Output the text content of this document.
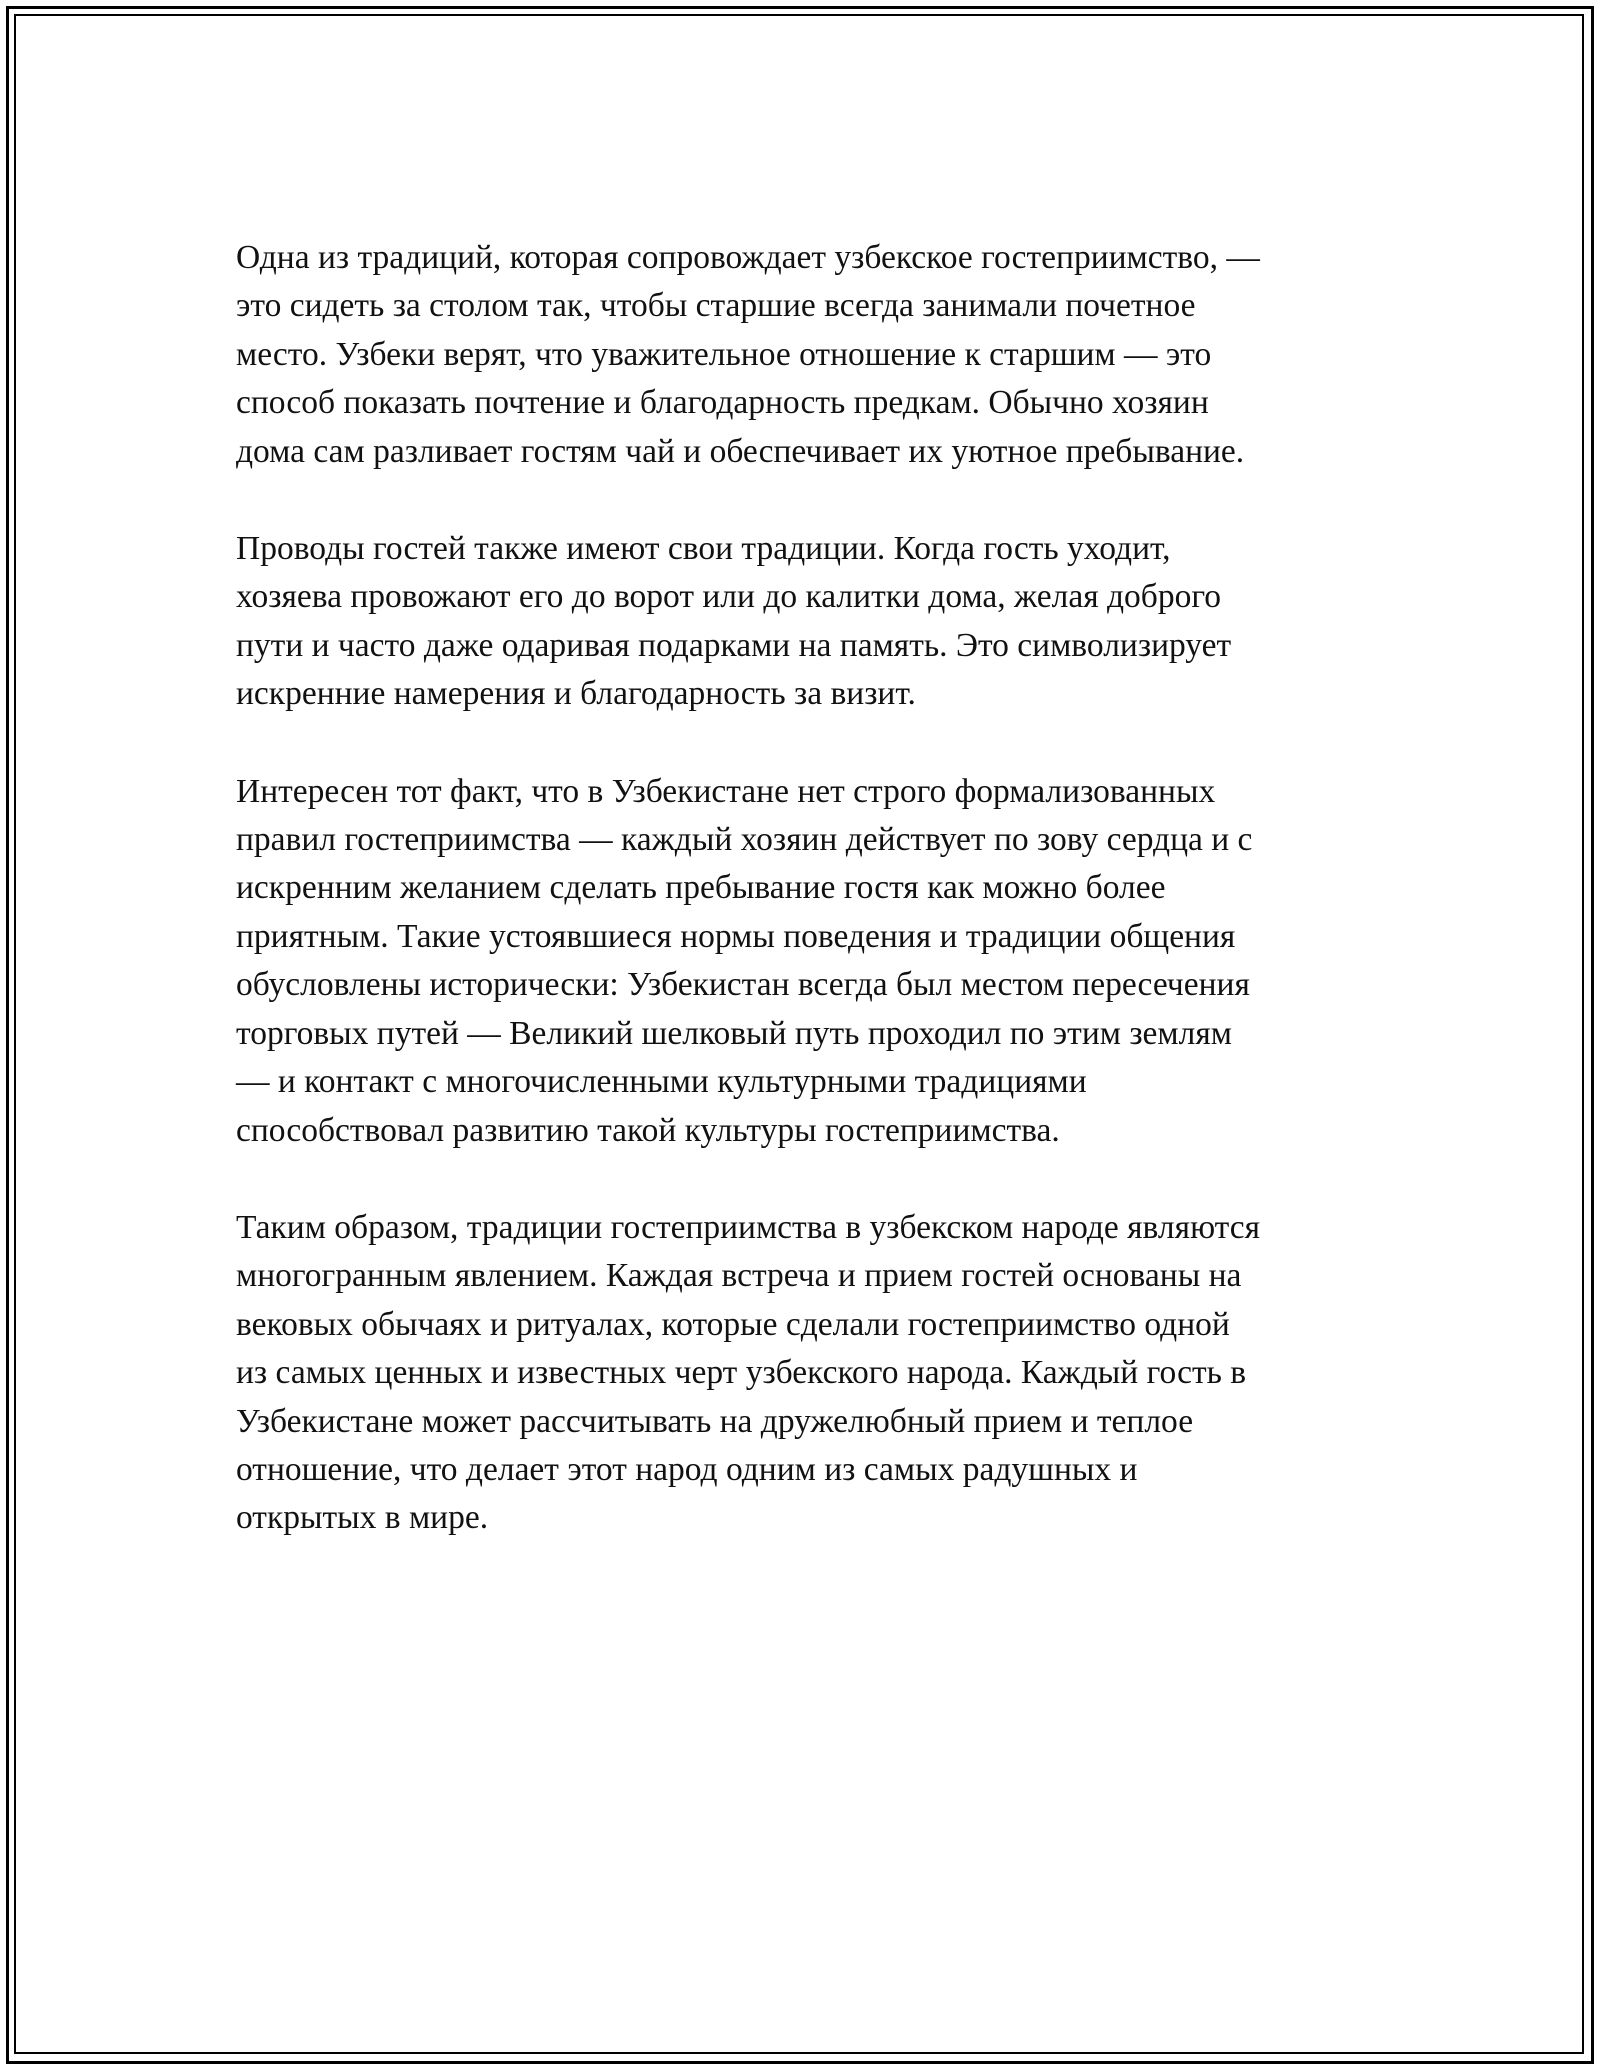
Одна из традиций, которая сопровождает узбекское гостеприимство, —
это сидеть за столом так, чтобы старшие всегда занимали почетное
место. Узбеки верят, что уважительное отношение к старшим — это
способ показать почтение и благодарность предкам. Обычно хозяин
дома сам разливает гостям чай и обеспечивает их уютное пребывание.

Проводы гостей также имеют свои традиции. Когда гость уходит,
хозяева провожают его до ворот или до калитки дома, желая доброго
пути и часто даже одаривая подарками на память. Это символизирует
искренние намерения и благодарность за визит.

Интересен тот факт, что в Узбекистане нет строго формализованных
правил гостеприимства — каждый хозяин действует по зову сердца и с
искренним желанием сделать пребывание гостя как можно более
приятным. Такие устоявшиеся нормы поведения и традиции общения
обусловлены исторически: Узбекистан всегда был местом пересечения
торговых путей — Великий шелковый путь проходил по этим землям
— и контакт с многочисленными культурными традициями
способствовал развитию такой культуры гостеприимства.

Таким образом, традиции гостеприимства в узбекском народе являются
многогранным явлением. Каждая встреча и прием гостей основаны на
вековых обычаях и ритуалах, которые сделали гостеприимство одной
из самых ценных и известных черт узбекского народа. Каждый гость в
Узбекистане может рассчитывать на дружелюбный прием и теплое
отношение, что делает этот народ одним из самых радушных и
открытых в мире.
